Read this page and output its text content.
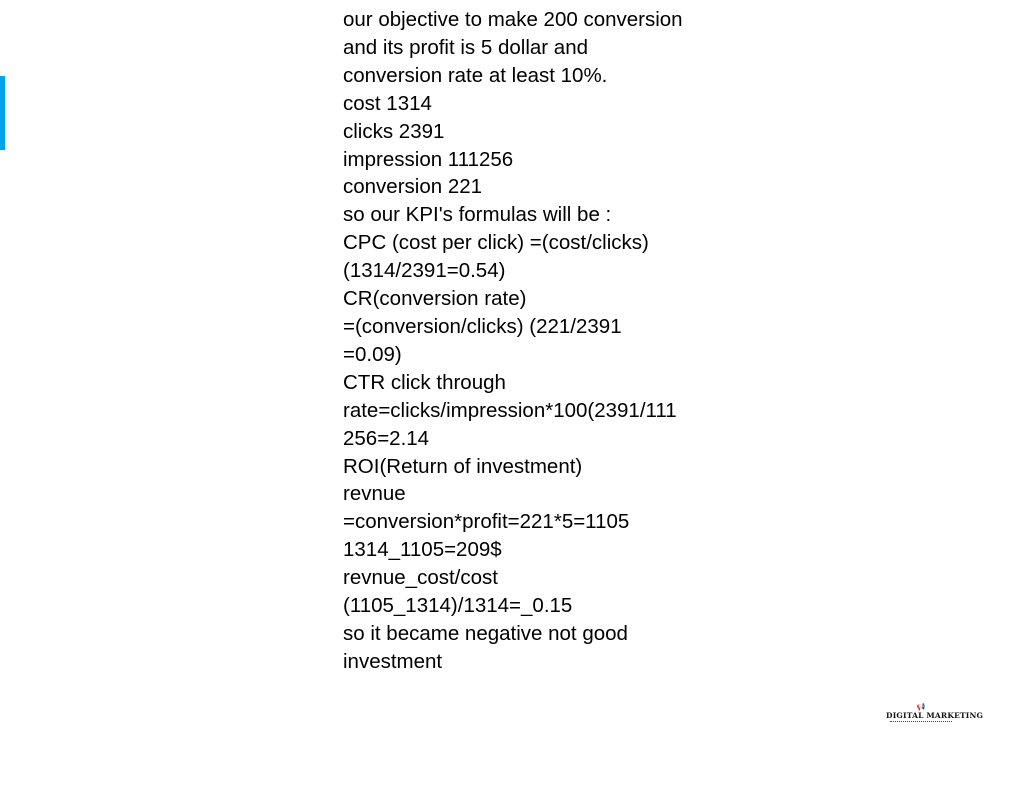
our objective to make 200 conversion
and its profit is 5 dollar and
conversion rate at least 10%.
cost 1314
clicks 2391
impression 111256
conversion 221
so our KPI's formulas will be :
CPC (cost per click) =(cost/clicks)
(1314/2391=0.54)
CR(conversion rate)
=(conversion/clicks) (221/2391
=0.09)
CTR click through
rate=clicks/impression*100(2391/111
256=2.14
ROI(Return of investment)
revnue
=conversion*profit=221*5=1105
1314_1105=209$
revnue_cost/cost
(1105_1314)/1314=_0.15
so it became negative not good
investment
📢
DIGITAL MARKETING
